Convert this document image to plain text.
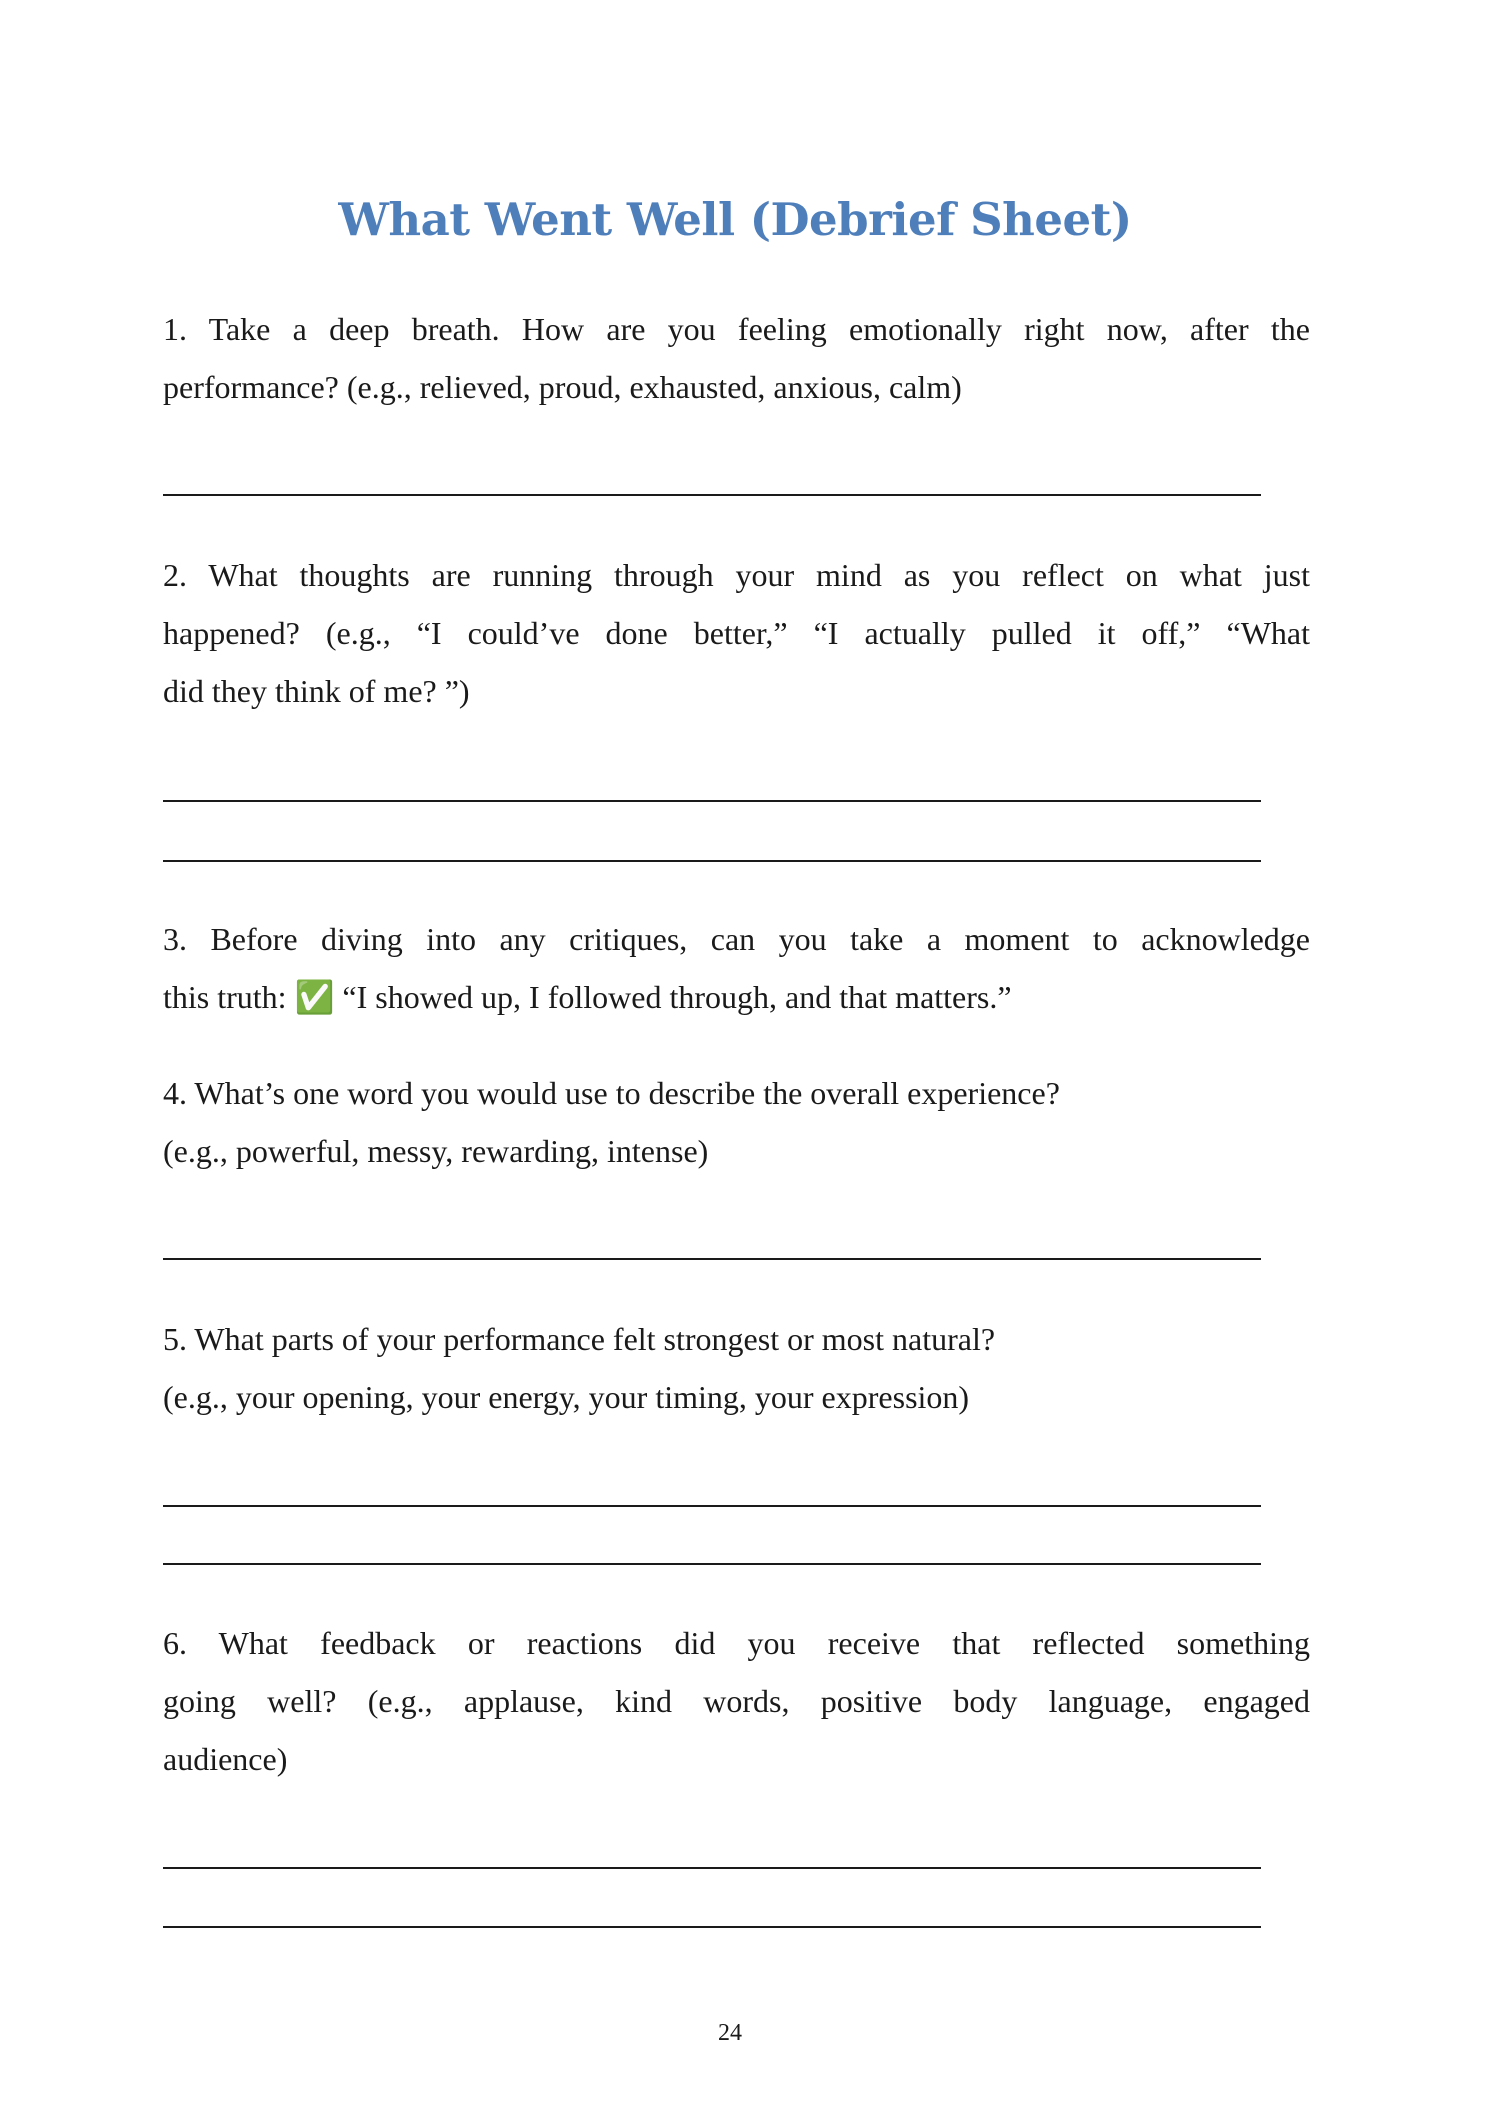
What Went Well (Debrief Sheet)
1. Take a deep breath. How are you feeling emotionally right now, after the
performance? (e.g., relieved, proud, exhausted, anxious, calm)
2. What thoughts are running through your mind as you reflect on what just
happened? (e.g., “I could’ve done better,” “I actually pulled it off,” “What
did they think of me? ”)
3. Before diving into any critiques, can you take a moment to acknowledge
this truth: ✅ “I showed up, I followed through, and that matters.”
4. What’s one word you would use to describe the overall experience?
(e.g., powerful, messy, rewarding, intense)
5. What parts of your performance felt strongest or most natural?
(e.g., your opening, your energy, your timing, your expression)
6. What feedback or reactions did you receive that reflected something
going well? (e.g., applause, kind words, positive body language, engaged
audience)
24
